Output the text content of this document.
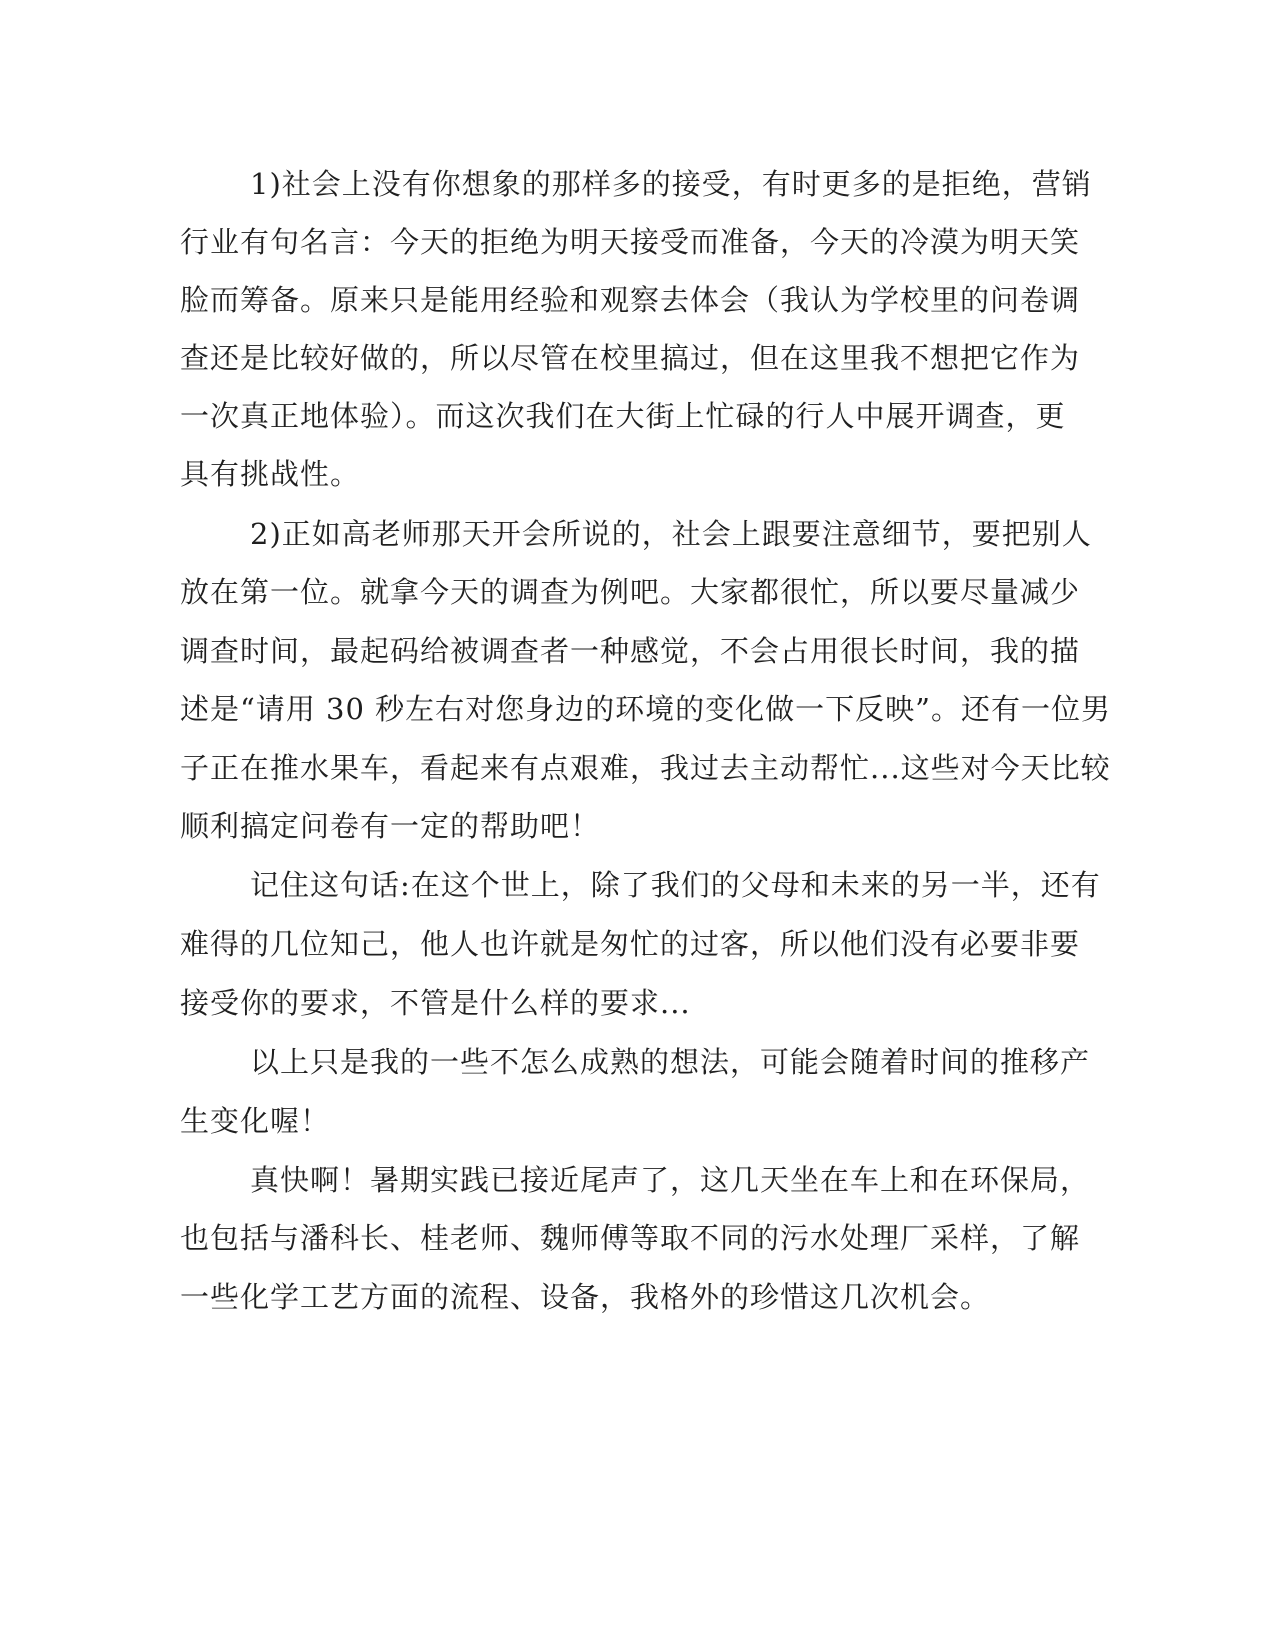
1)社会上没有你想象的那样多的接受，有时更多的是拒绝，营销

行业有句名言：今天的拒绝为明天接受而准备，今天的冷漠为明天笑

脸而筹备。原来只是能用经验和观察去体会（我认为学校里的问卷调

查还是比较好做的，所以尽管在校里搞过，但在这里我不想把它作为

一次真正地体验）。而这次我们在大街上忙碌的行人中展开调查，更

具有挑战性。

2)正如高老师那天开会所说的，社会上跟要注意细节，要把别人

放在第一位。就拿今天的调查为例吧。大家都很忙，所以要尽量减少

调查时间，最起码给被调查者一种感觉，不会占用很长时间，我的描

述是“请用 30 秒左右对您身边的环境的变化做一下反映”。还有一位男

子正在推水果车，看起来有点艰难，我过去主动帮忙...这些对今天比较

顺利搞定问卷有一定的帮助吧！

记住这句话:在这个世上，除了我们的父母和未来的另一半，还有

难得的几位知己，他人也许就是匆忙的过客，所以他们没有必要非要

接受你的要求，不管是什么样的要求...

以上只是我的一些不怎么成熟的想法，可能会随着时间的推移产

生变化喔！

真快啊！暑期实践已接近尾声了，这几天坐在车上和在环保局，

也包括与潘科长、桂老师、魏师傅等取不同的污水处理厂采样，了解

一些化学工艺方面的流程、设备，我格外的珍惜这几次机会。
